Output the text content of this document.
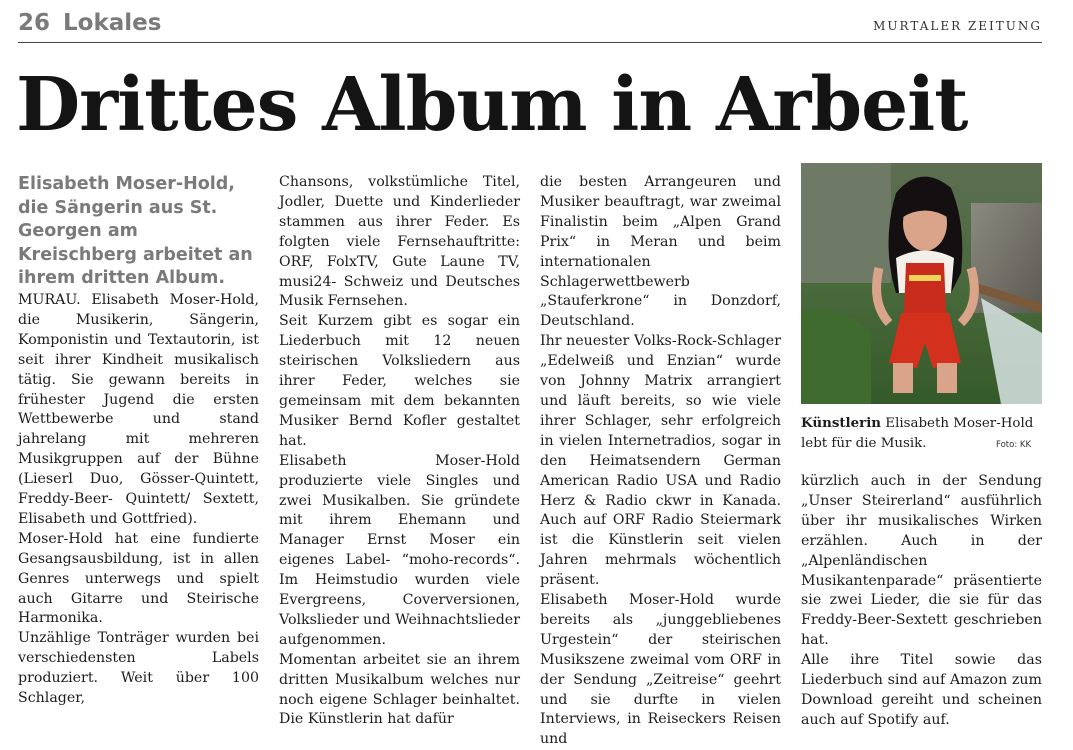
26 Lokales	MURTALER ZEITUNG
Drittes Album in Arbeit

Elisabeth Moser-Hold, die Sängerin aus St. Georgen am Kreischberg arbeitet an ihrem dritten Album.

MURAU. Elisabeth Moser-Hold, die Musikerin, Sängerin, Komponistin und Textautorin, ist seit ihrer Kindheit musikalisch tätig. Sie gewann bereits in frühester Jugend die ersten Wettbewerbe und stand jahrelang mit mehreren Musikgruppen auf der Bühne (Lieserl Duo, Gösser-Quintett, Freddy-Beer- Quintett/ Sextett, Elisabeth und Gottfried).

Moser-Hold hat eine fundierte Gesangsausbildung, ist in allen Genres unterwegs und spielt auch Gitarre und Steirische Harmonika.

Unzählige Tonträger wurden bei verschiedensten Labels produziert. Weit über 100 Schlager,

Chansons, volkstümliche Titel, Jodler, Duette und Kinderlieder stammen aus ihrer Feder. Es folgten viele Fernsehauftritte: ORF, FolxTV, Gute Laune TV, musi24- Schweiz und Deutsches Musik Fernsehen.

Seit Kurzem gibt es sogar ein Liederbuch mit 12 neuen steirischen Volksliedern aus ihrer Feder, welches sie gemeinsam mit dem bekannten Musiker Bernd Kofler gestaltet hat.

Elisabeth Moser-Hold produzierte viele Singles und zwei Musikalben. Sie gründete mit ihrem Ehemann und Manager Ernst Moser ein eigenes Label- “moho-records“. Im Heimstudio wurden viele Evergreens, Coverversionen, Volkslieder und Weihnachtslieder aufgenommen.

Momentan arbeitet sie an ihrem dritten Musikalbum welches nur noch eigene Schlager beinhaltet. Die Künstlerin hat dafür

die besten Arrangeuren und Musiker beauftragt, war zweimal Finalistin beim „Alpen Grand Prix“ in Meran und beim internationalen Schlagerwettbewerb „Stauferkrone“ in Donzdorf, Deutschland.

Ihr neuester Volks-Rock-Schlager „Edelweiß und Enzian“ wurde von Johnny Matrix arrangiert und läuft bereits, so wie viele ihrer Schlager, sehr erfolgreich in vielen Internetradios, sogar in den Heimatsendern German American Radio USA und Radio Herz & Radio ckwr in Kanada. Auch auf ORF Radio Steiermark ist die Künstlerin seit vielen Jahren mehrmals wöchentlich präsent.

Elisabeth Moser-Hold wurde bereits als „junggebliebenes Urgestein“ der steirischen Musikszene zweimal vom ORF in der Sendung „Zeitreise“ geehrt und sie durfte in vielen Interviews, in Reiseckers Reisen und

Künstlerin Elisabeth Moser-Hold lebt für die Musik.	Foto: KK

kürzlich auch in der Sendung „Unser Steirerland“ ausführlich über ihr musikalisches Wirken erzählen. Auch in der „Alpenländischen Musikantenparade“ präsentierte sie zwei Lieder, die sie für das Freddy-Beer-Sextett geschrieben hat.

Alle ihre Titel sowie das Liederbuch sind auf Amazon zum Download gereiht und scheinen auch auf Spotify auf.
